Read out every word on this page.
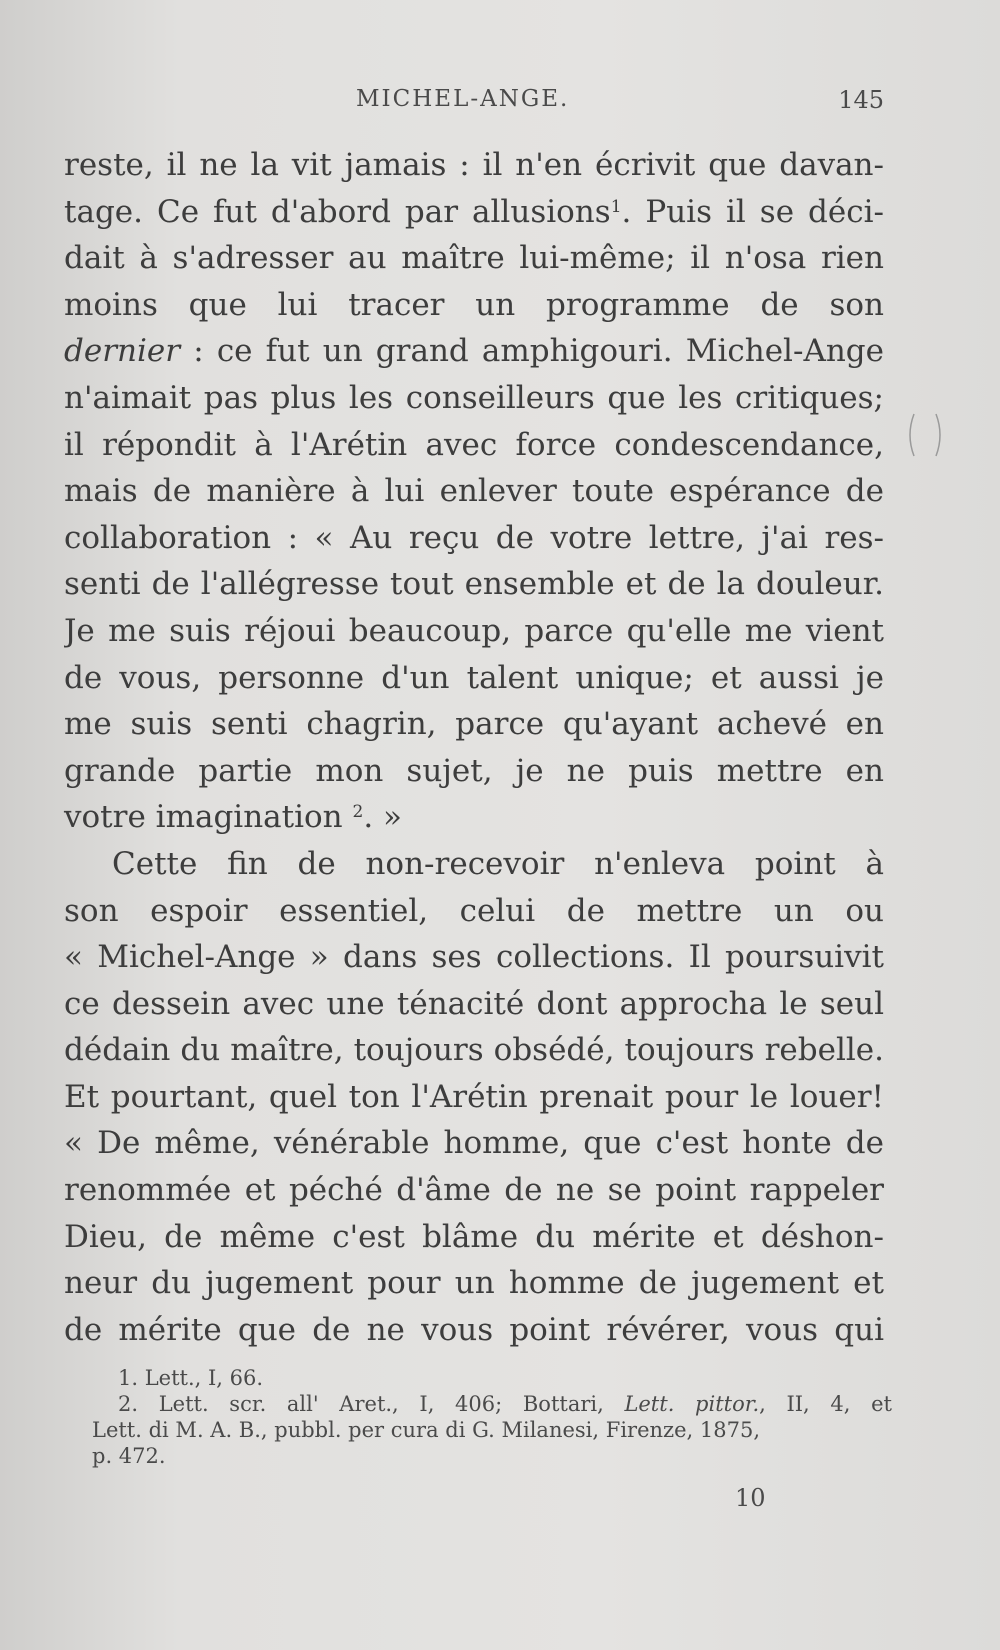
MICHEL-ANGE.	145
reste, il ne la vit jamais : il n'en écrivit que davan-
tage. Ce fut d'abord par allusions$^1$. Puis il se déci-
dait à s'adresser au maître lui-même; il n'osa rien
moins que lui tracer un programme de son
dernier : ce fut un grand amphigouri. Michel-Ange
n'aimait pas plus les conseilleurs que les critiques;
il répondit à l'Arétin avec force condescendance,
mais de manière à lui enlever toute espérance de
collaboration : « Au reçu de votre lettre, j'ai res-
senti de l'allégresse tout ensemble et de la douleur.
Je me suis réjoui beaucoup, parce qu'elle me vient
de vous, personne d'un talent unique; et aussi je
me suis senti chagrin, parce qu'ayant achevé en
grande partie mon sujet, je ne puis mettre en
votre imagination $^2$. »
Cette fin de non-recevoir n'enleva point à
son espoir essentiel, celui de mettre un ou
« Michel-Ange » dans ses collections. Il poursuivit
ce dessein avec une ténacité dont approcha le seul
dédain du maître, toujours obsédé, toujours rebelle.
Et pourtant, quel ton l'Arétin prenait pour le louer!
« De même, vénérable homme, que c'est honte de
renommée et péché d'âme de ne se point rappeler
Dieu, de même c'est blâme du mérite et déshon-
neur du jugement pour un homme de jugement et
de mérite que de ne vous point révérer, vous qui
1. Lett., I, 66.
2. Lett. scr. all' Aret., I, 406; Bottari, Lett. pittor., II, 4, et
Lett. di M. A. B., pubbl. per cura di G. Milanesi, Firenze, 1875,
p. 472.
10
